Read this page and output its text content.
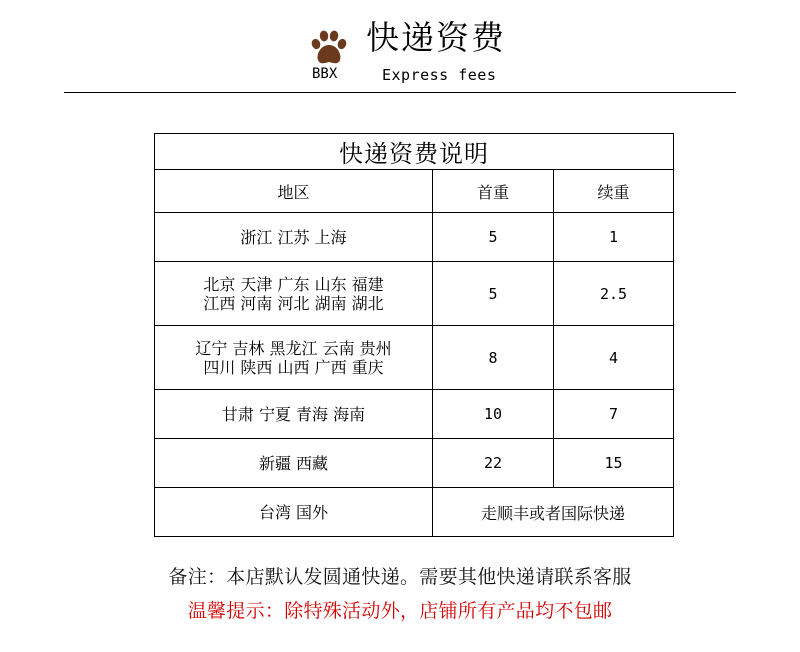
快递资费
BBX	Express fees
快递资费说明		
地区	首重	续重

浙江 江苏 上海	5	1

北京 天津 广东 山东 福建
江西 河南 河北 湖南 湖北	5	2.5

辽宁 吉林 黑龙江 云南 贵州
四川 陕西 山西 广西 重庆	8	4

甘肃 宁夏 青海 海南	10	7

新疆 西藏	22	15

台湾 国外	走顺丰或者国际快递	
备注：本店默认发圆通快递。需要其他快递请联系客服
温馨提示：除特殊活动外，店铺所有产品均不包邮
